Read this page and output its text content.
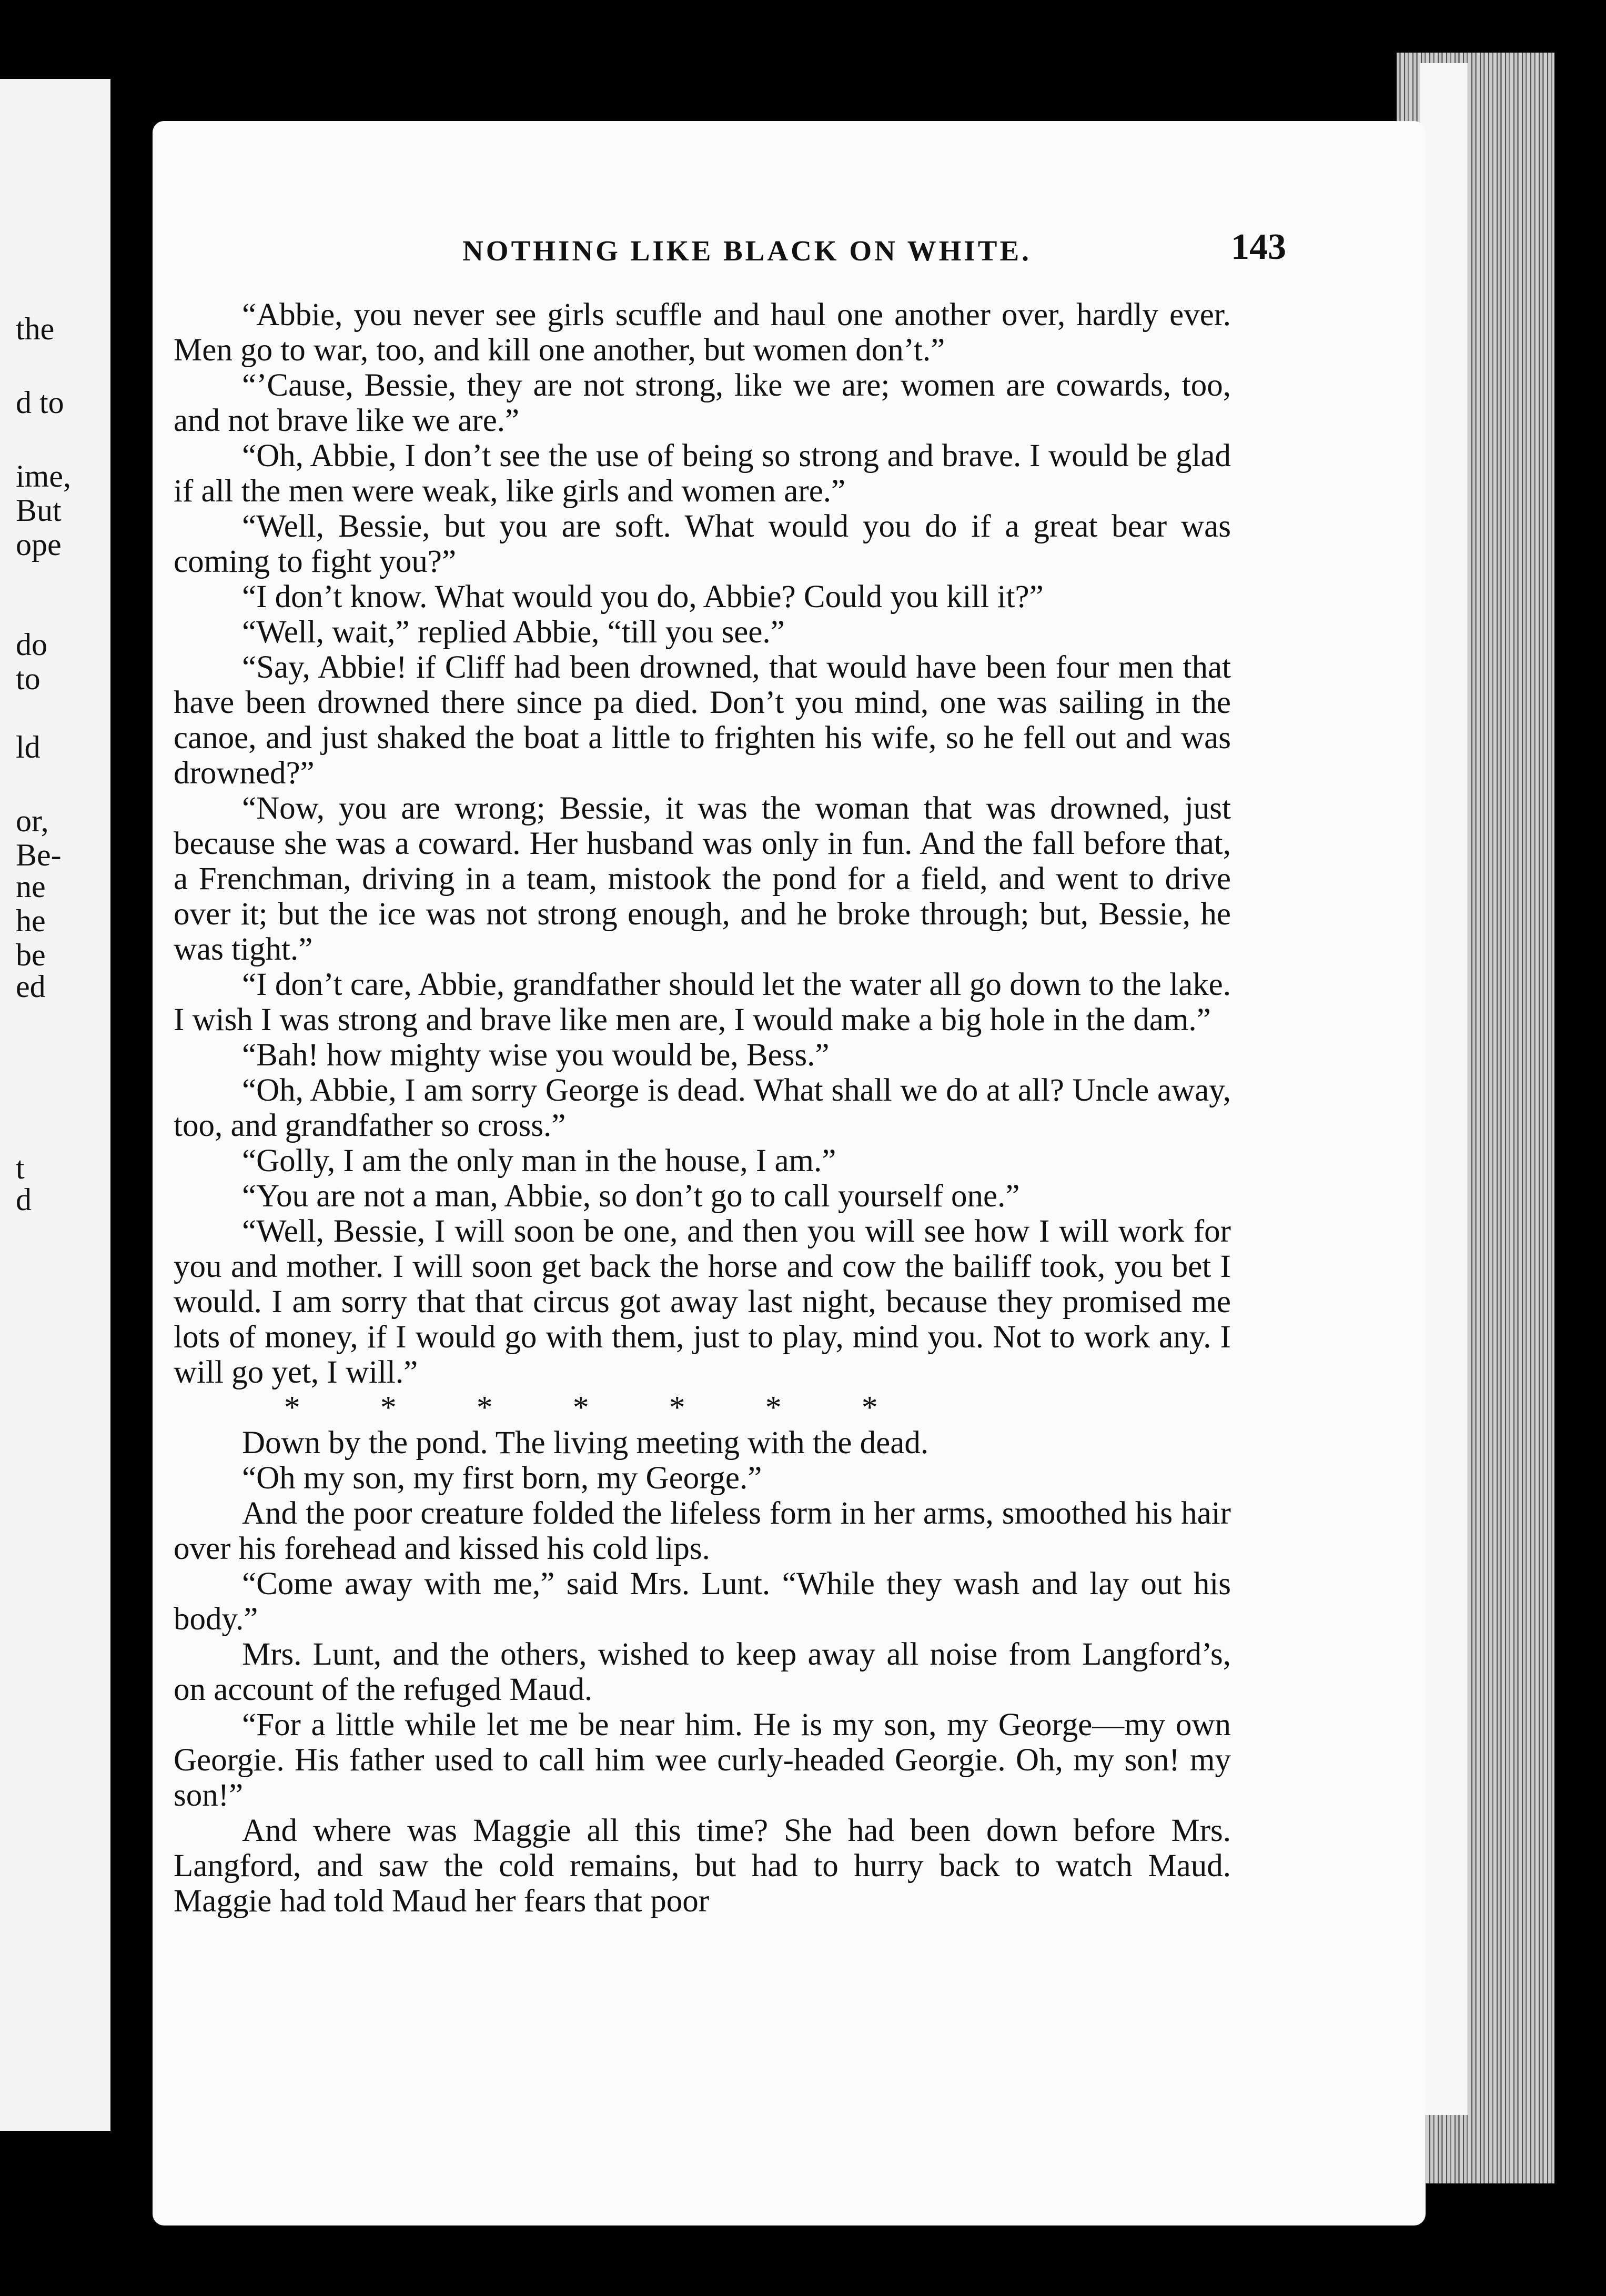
the
d to
ime,
But
ope
do
to
ld
or,
Be-
ne
he
be
ed
t
d
NOTHING LIKE BLACK ON WHITE.	143

“Abbie, you never see girls scuffle and haul one another over, hardly ever. Men go to war, too, and kill one another, but women don’t.”

“’Cause, Bessie, they are not strong, like we are; women are cowards, too, and not brave like we are.”

“Oh, Abbie, I don’t see the use of being so strong and brave. I would be glad if all the men were weak, like girls and women are.”

“Well, Bessie, but you are soft. What would you do if a great bear was coming to fight you?”

“I don’t know. What would you do, Abbie? Could you kill it?”

“Well, wait,” replied Abbie, “till you see.”

“Say, Abbie! if Cliff had been drowned, that would have been four men that have been drowned there since pa died. Don’t you mind, one was sailing in the canoe, and just shaked the boat a little to frighten his wife, so he fell out and was drowned?”

“Now, you are wrong; Bessie, it was the woman that was drowned, just because she was a coward. Her husband was only in fun. And the fall before that, a Frenchman, driving in a team, mistook the pond for a field, and went to drive over it; but the ice was not strong enough, and he broke through; but, Bessie, he was tight.”

“I don’t care, Abbie, grandfather should let the water all go down to the lake. I wish I was strong and brave like men are, I would make a big hole in the dam.”

“Bah! how mighty wise you would be, Bess.”

“Oh, Abbie, I am sorry George is dead. What shall we do at all? Uncle away, too, and grandfather so cross.”

“Golly, I am the only man in the house, I am.”

“You are not a man, Abbie, so don’t go to call yourself one.”

“Well, Bessie, I will soon be one, and then you will see how I will work for you and mother. I will soon get back the horse and cow the bailiff took, you bet I would. I am sorry that that circus got away last night, because they promised me lots of money, if I would go with them, just to play, mind you. Not to work any. I will go yet, I will.”

*          *          *          *          *          *          *

Down by the pond. The living meeting with the dead.

“Oh my son, my first born, my George.”

And the poor creature folded the lifeless form in her arms, smoothed his hair over his forehead and kissed his cold lips.

“Come away with me,” said Mrs. Lunt. “While they wash and lay out his body.”

Mrs. Lunt, and the others, wished to keep away all noise from Langford’s, on account of the refuged Maud.

“For a little while let me be near him. He is my son, my George—my own Georgie. His father used to call him wee curly-headed Georgie. Oh, my son! my son!”

And where was Maggie all this time? She had been down before Mrs. Langford, and saw the cold remains, but had to hurry back to watch Maud. Maggie had told Maud her fears that poor
